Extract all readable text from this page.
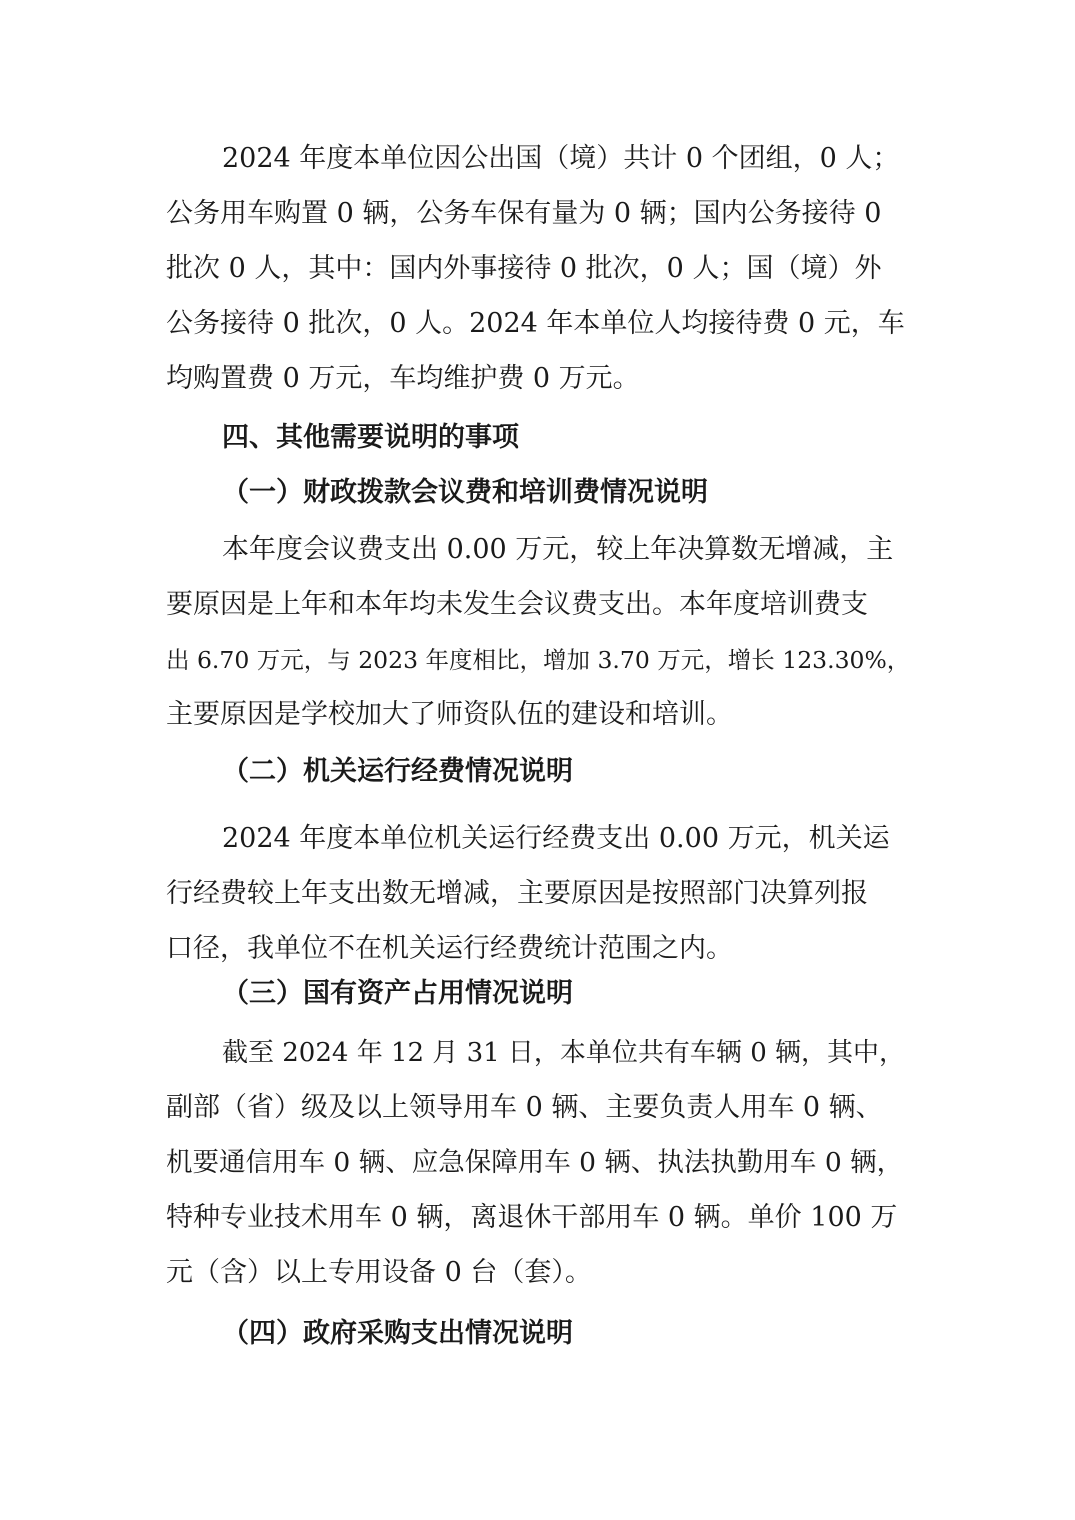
2024 年度本单位因公出国（境）共计 0 个团组，0 人；
公务用车购置 0 辆，公务车保有量为 0 辆；国内公务接待 0
批次 0 人，其中：国内外事接待 0 批次，0 人；国（境）外
公务接待 0 批次，0 人。2024 年本单位人均接待费 0 元，车
均购置费 0 万元，车均维护费 0 万元。
四、其他需要说明的事项
（一）财政拨款会议费和培训费情况说明
本年度会议费支出 0.00 万元，较上年决算数无增减，主
要原因是上年和本年均未发生会议费支出。本年度培训费支
出 6.70 万元，与 2023 年度相比，增加 3.70 万元，增长 123.30%，
主要原因是学校加大了师资队伍的建设和培训。
（二）机关运行经费情况说明
2024 年度本单位机关运行经费支出 0.00 万元，机关运
行经费较上年支出数无增减，主要原因是按照部门决算列报
口径，我单位不在机关运行经费统计范围之内。
（三）国有资产占用情况说明
截至 2024 年 12 月 31 日，本单位共有车辆 0 辆，其中，
副部（省）级及以上领导用车 0 辆、主要负责人用车 0 辆、
机要通信用车 0 辆、应急保障用车 0 辆、执法执勤用车 0 辆，
特种专业技术用车 0 辆，离退休干部用车 0 辆。单价 100 万
元（含）以上专用设备 0 台（套）。
（四）政府采购支出情况说明
